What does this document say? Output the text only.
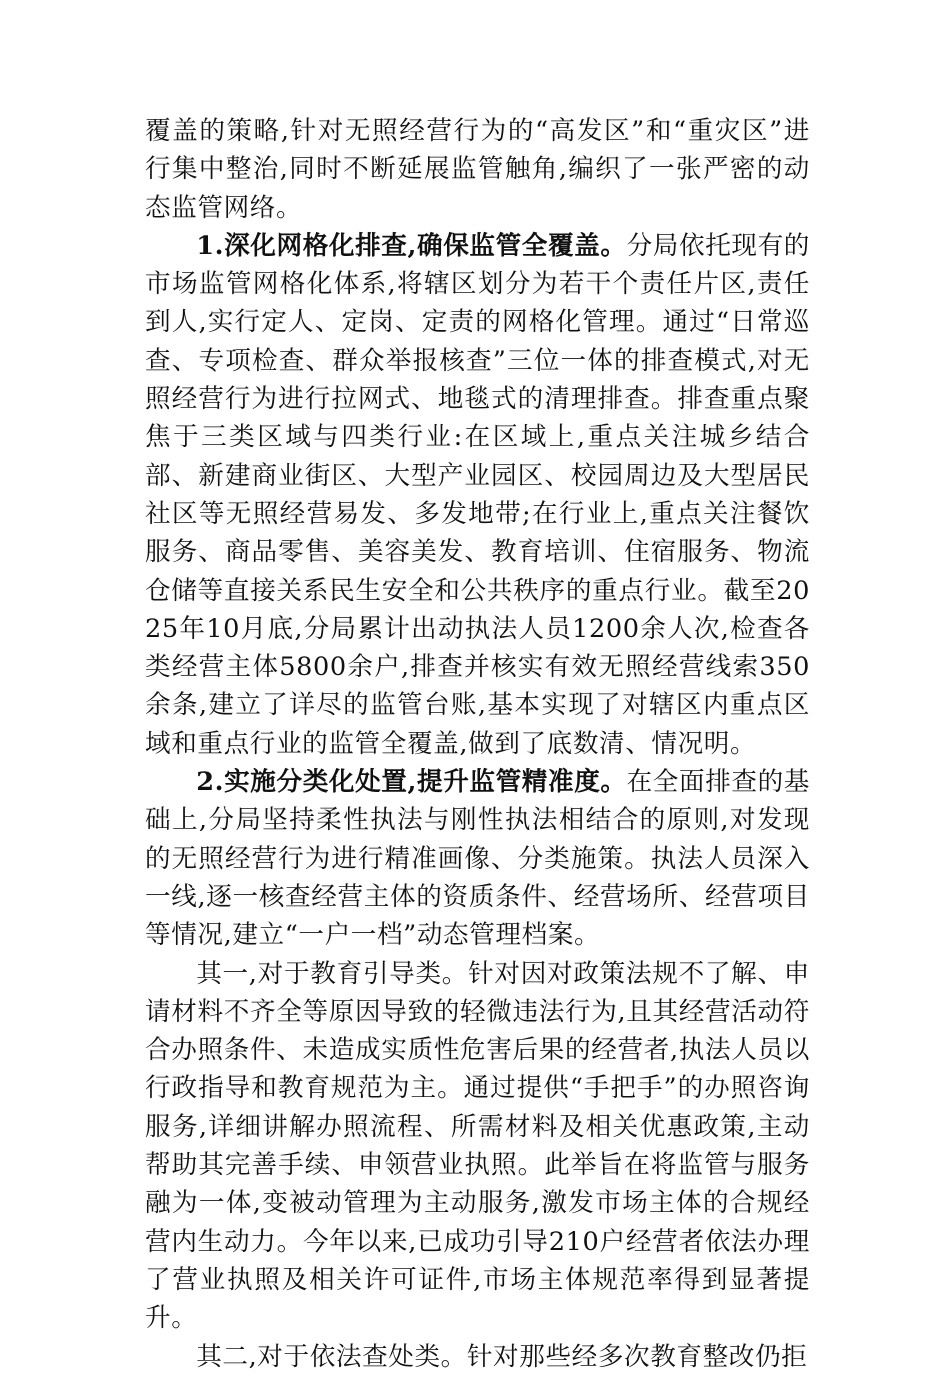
覆盖的策略,针对无照经营行为的“高发区”和“重灾区”进行集中整治,同时不断延展监管触角,编织了一张严密的动态监管网络。

1.深化网格化排查,确保监管全覆盖。分局依托现有的市场监管网格化体系,将辖区划分为若干个责任片区,责任到人,实行定人、定岗、定责的网格化管理。通过“日常巡查、专项检查、群众举报核查”三位一体的排查模式,对无照经营行为进行拉网式、地毯式的清理排查。排查重点聚焦于三类区域与四类行业:在区域上,重点关注城乡结合部、新建商业街区、大型产业园区、校园周边及大型居民社区等无照经营易发、多发地带;在行业上,重点关注餐饮服务、商品零售、美容美发、教育培训、住宿服务、物流仓储等直接关系民生安全和公共秩序的重点行业。截至2025年10月底,分局累计出动执法人员1200余人次,检查各类经营主体5800余户,排查并核实有效无照经营线索350余条,建立了详尽的监管台账,基本实现了对辖区内重点区域和重点行业的监管全覆盖,做到了底数清、情况明。

2.实施分类化处置,提升监管精准度。在全面排查的基础上,分局坚持柔性执法与刚性执法相结合的原则,对发现的无照经营行为进行精准画像、分类施策。执法人员深入一线,逐一核查经营主体的资质条件、经营场所、经营项目等情况,建立“一户一档”动态管理档案。

其一,对于教育引导类。针对因对政策法规不了解、申请材料不齐全等原因导致的轻微违法行为,且其经营活动符合办照条件、未造成实质性危害后果的经营者,执法人员以行政指导和教育规范为主。通过提供“手把手”的办照咨询服务,详细讲解办照流程、所需材料及相关优惠政策,主动帮助其完善手续、申领营业执照。此举旨在将监管与服务融为一体,变被动管理为主动服务,激发市场主体的合规经营内生动力。今年以来,已成功引导210户经营者依法办理了营业执照及相关许可证件,市场主体规范率得到显著提升。

其二,对于依法查处类。针对那些经多次教育整改仍拒
